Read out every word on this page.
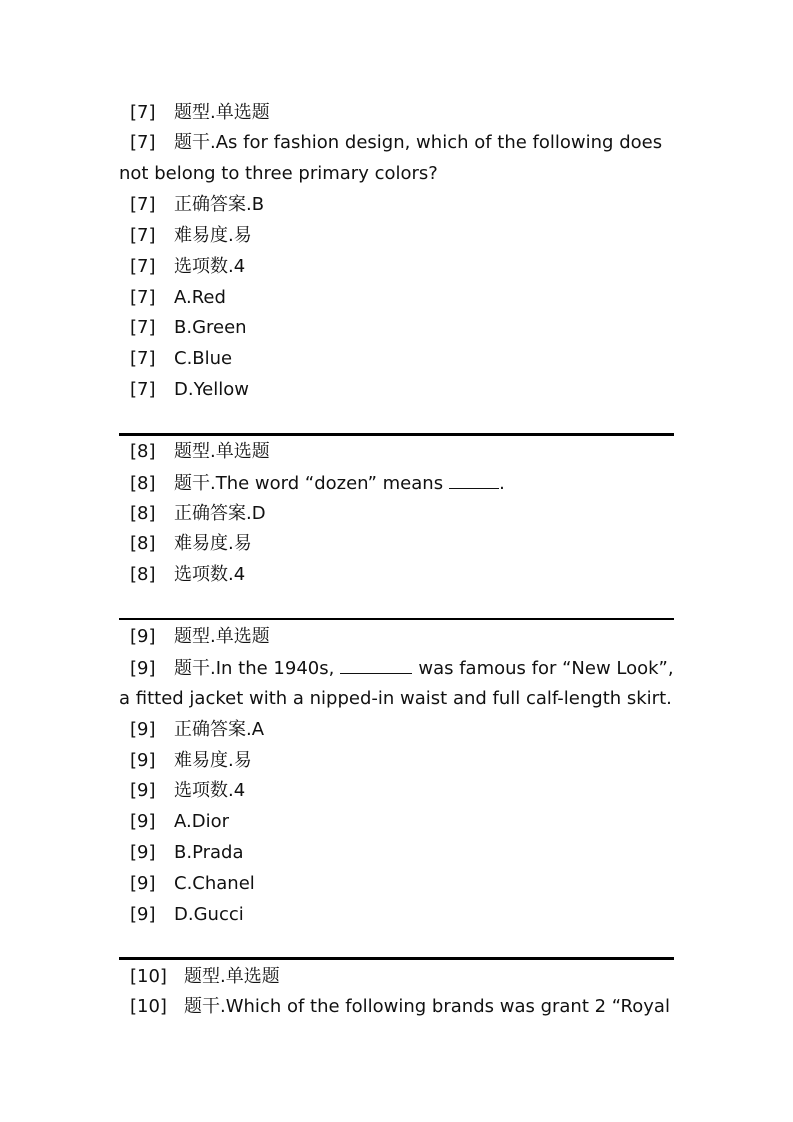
[7] 题型.单选题
[7] 题干.As for fashion design, which of the following does
not belong to three primary colors?
[7] 正确答案.B
[7] 难易度.易
[7] 选项数.4
[7] A.Red
[7] B.Green
[7] C.Blue
[7] D.Yellow
[8] 题型.单选题
[8] 题干.The word “dozen” means	.
[8] 正确答案.D
[8] 难易度.易
[8] 选项数.4
[9] 题型.单选题
[9] 题干.In the 1940s,	was famous for “New Look”,
a fitted jacket with a nipped-in waist and full calf-length skirt.
[9] 正确答案.A
[9] 难易度.易
[9] 选项数.4
[9] A.Dior
[9] B.Prada
[9] C.Chanel
[9] D.Gucci
[10] 题型.单选题
[10] 题干.Which of the following brands was grant 2 “Royal
